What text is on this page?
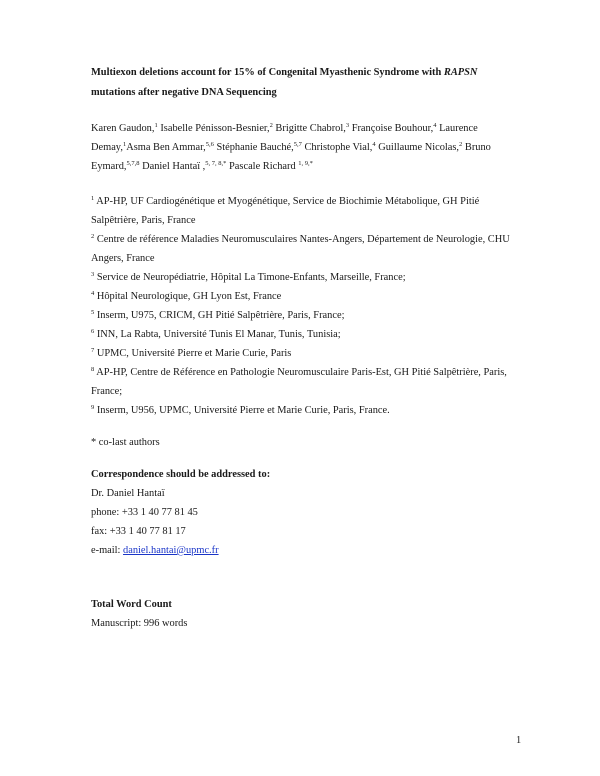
Multiexon deletions account for 15% of Congenital Myasthenic Syndrome with RAPSN mutations after negative DNA Sequencing

Karen Gaudon,$^1$ Isabelle Pénisson-Besnier,$^2$ Brigitte Chabrol,$^3$ Françoise Bouhour,$^4$ Laurence Demay,$^1$Asma Ben Ammar,$^{5,6}$ Stéphanie Bauché,$^{5,7}$ Christophe Vial,$^4$ Guillaume Nicolas,$^2$ Bruno Eymard,$^{5,7,8}$ Daniel Hantaï ,$^{5, 7, 8,*}$ Pascale Richard $^{1, 9,*}$
$^1$ AP-HP, UF Cardiogénétique et Myogénétique, Service de Biochimie Métabolique, GH Pitié Salpêtrière, Paris, France
$^2$ Centre de référence Maladies Neuromusculaires Nantes-Angers, Département de Neurologie, CHU Angers, France
$^3$ Service de Neuropédiatrie, Hôpital La Timone-Enfants, Marseille, France;
$^4$ Hôpital Neurologique, GH Lyon Est, France
$^5$ Inserm, U975, CRICM, GH Pitié Salpêtrière, Paris, France;
$^6$ INN, La Rabta, Université Tunis El Manar, Tunis, Tunisia;
$^7$ UPMC, Université Pierre et Marie Curie, Paris
$^8$ AP-HP, Centre de Référence en Pathologie Neuromusculaire Paris-Est, GH Pitié Salpêtrière, Paris, France;
$^9$ Inserm, U956, UPMC, Université Pierre et Marie Curie, Paris, France.
* co-last authors
Correspondence should be addressed to:
Dr. Daniel Hantaï
phone: +33 1 40 77 81 45
fax: +33 1 40 77 81 17
e-mail: daniel.hantai@upmc.fr
Total Word Count
Manuscript: 996 words
1
